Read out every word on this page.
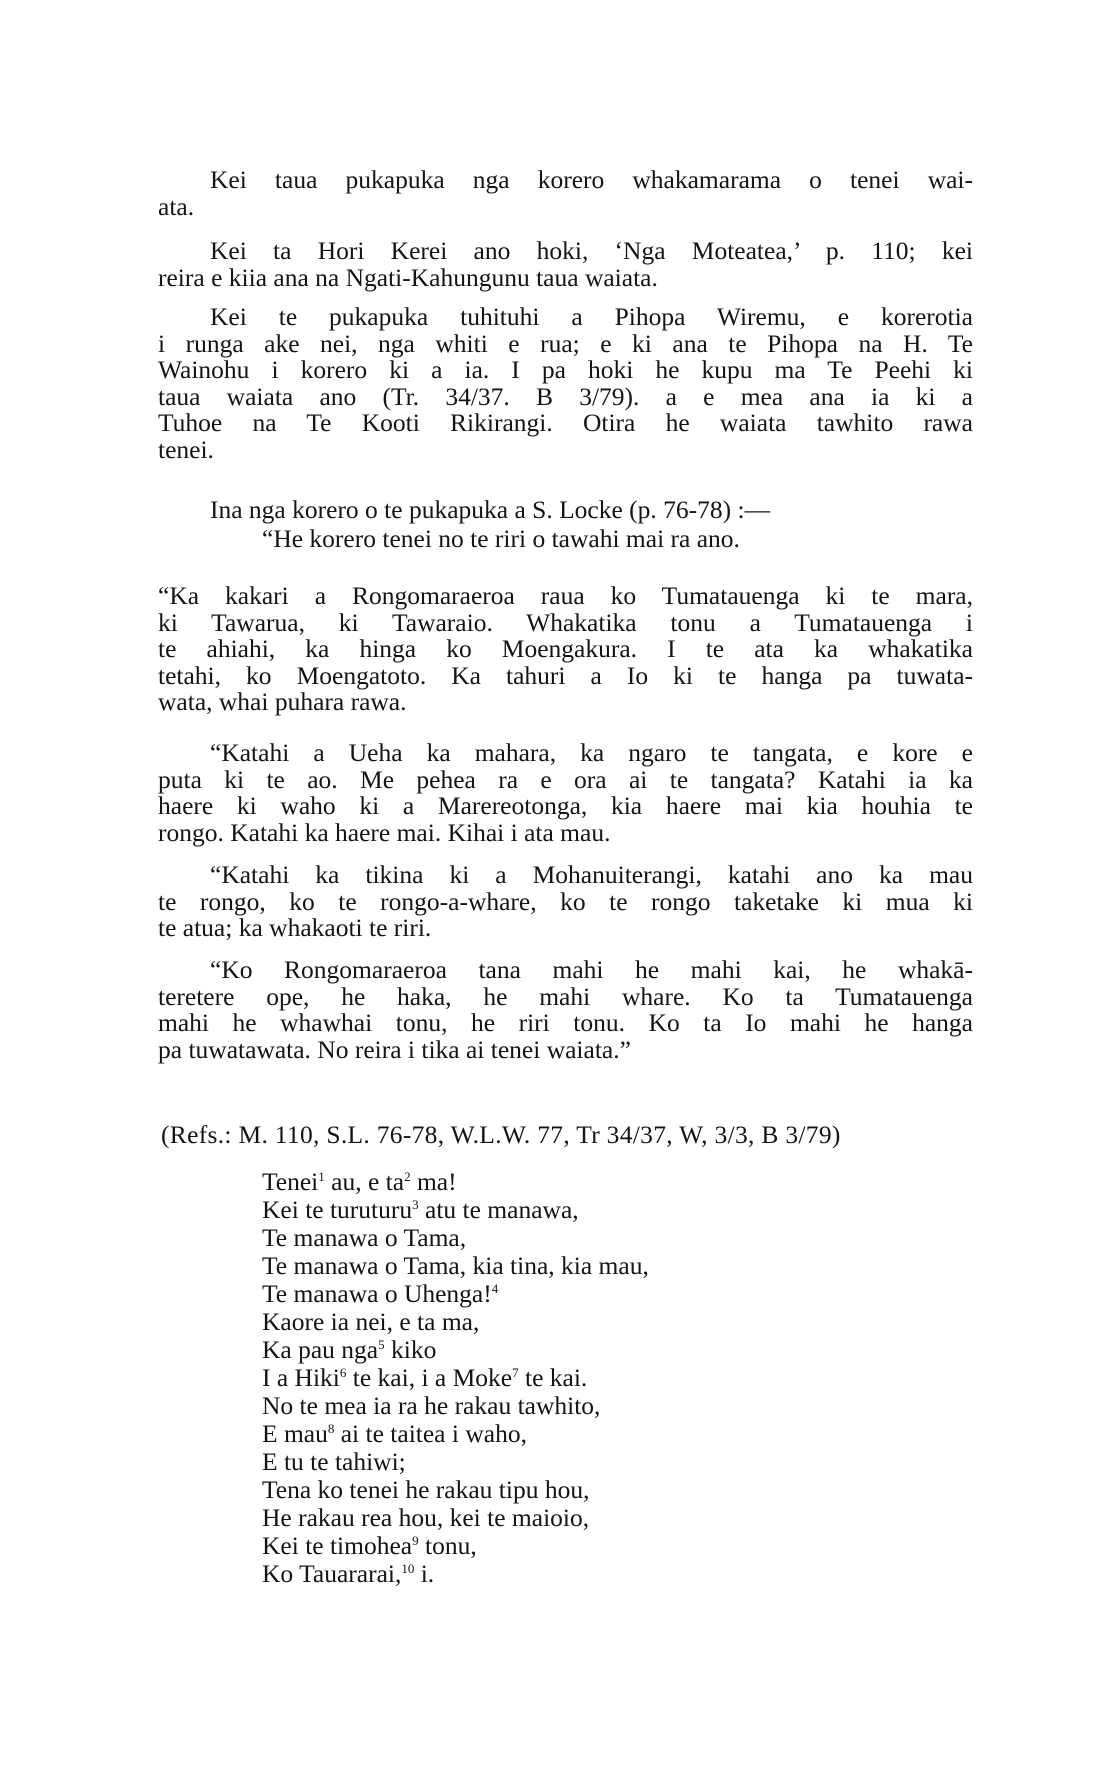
Kei taua pukapuka nga korero whakamarama o tenei wai-
ata.

Kei ta Hori Kerei ano hoki, ‘Nga Moteatea,’ p. 110; kei
reira e kiia ana na Ngati-Kahungunu taua waiata.

Kei te pukapuka tuhituhi a Pihopa Wiremu, e korerotia
i runga ake nei, nga whiti e rua; e ki ana te Pihopa na H. Te
Wainohu i korero ki a ia. I pa hoki he kupu ma Te Peehi ki
taua waiata ano (Tr. 34/37. B 3/79). a e mea ana ia ki a
Tuhoe na Te Kooti Rikirangi. Otira he waiata tawhito rawa
tenei.

Ina nga korero o te pukapuka a S. Locke (p. 76-78) :—
“He korero tenei no te riri o tawahi mai ra ano.

“Ka kakari a Rongomaraeroa raua ko Tumatauenga ki te mara,
ki Tawarua, ki Tawaraio. Whakatika tonu a Tumatauenga i
te ahiahi, ka hinga ko Moengakura. I te ata ka whakatika
tetahi, ko Moengatoto. Ka tahuri a Io ki te hanga pa tuwata-
wata, whai puhara rawa.

“Katahi a Ueha ka mahara, ka ngaro te tangata, e kore e
puta ki te ao. Me pehea ra e ora ai te tangata? Katahi ia ka
haere ki waho ki a Marereotonga, kia haere mai kia houhia te
rongo. Katahi ka haere mai. Kihai i ata mau.

“Katahi ka tikina ki a Mohanuiterangi, katahi ano ka mau
te rongo, ko te rongo-a-whare, ko te rongo taketake ki mua ki
te atua; ka whakaoti te riri.

“Ko Rongomaraeroa tana mahi he mahi kai, he whakā-
teretere ope, he haka, he mahi whare. Ko ta Tumatauenga
mahi he whawhai tonu, he riri tonu. Ko ta Io mahi he hanga
pa tuwatawata. No reira i tika ai tenei waiata.”

(Refs.: M. 110, S.L. 76-78, W.L.W. 77, Tr 34/37, W, 3/3, B 3/79)
Tenei$^1$ au, e $ta^2$ ma!
Kei te turuturu$^3$ atu te manawa,
Te manawa o Tama,
Te manawa o Tama, kia tina, kia mau,
Te manawa o Uhenga!$^4$
Kaore ia nei, e ta ma,
Ka pau nga$^5$ kiko
I a Hiki$^6$ te kai, i a Moke$^7$ te kai.
No te mea ia ra he rakau tawhito,
E mau$^8$ ai te taitea i waho,
E tu te tahiwi;
Tena ko tenei he rakau tipu hou,
He rakau rea hou, kei te maioio,
Kei te timohea$^9$ tonu,
Ko Tauararai,$^{10}$ i.
